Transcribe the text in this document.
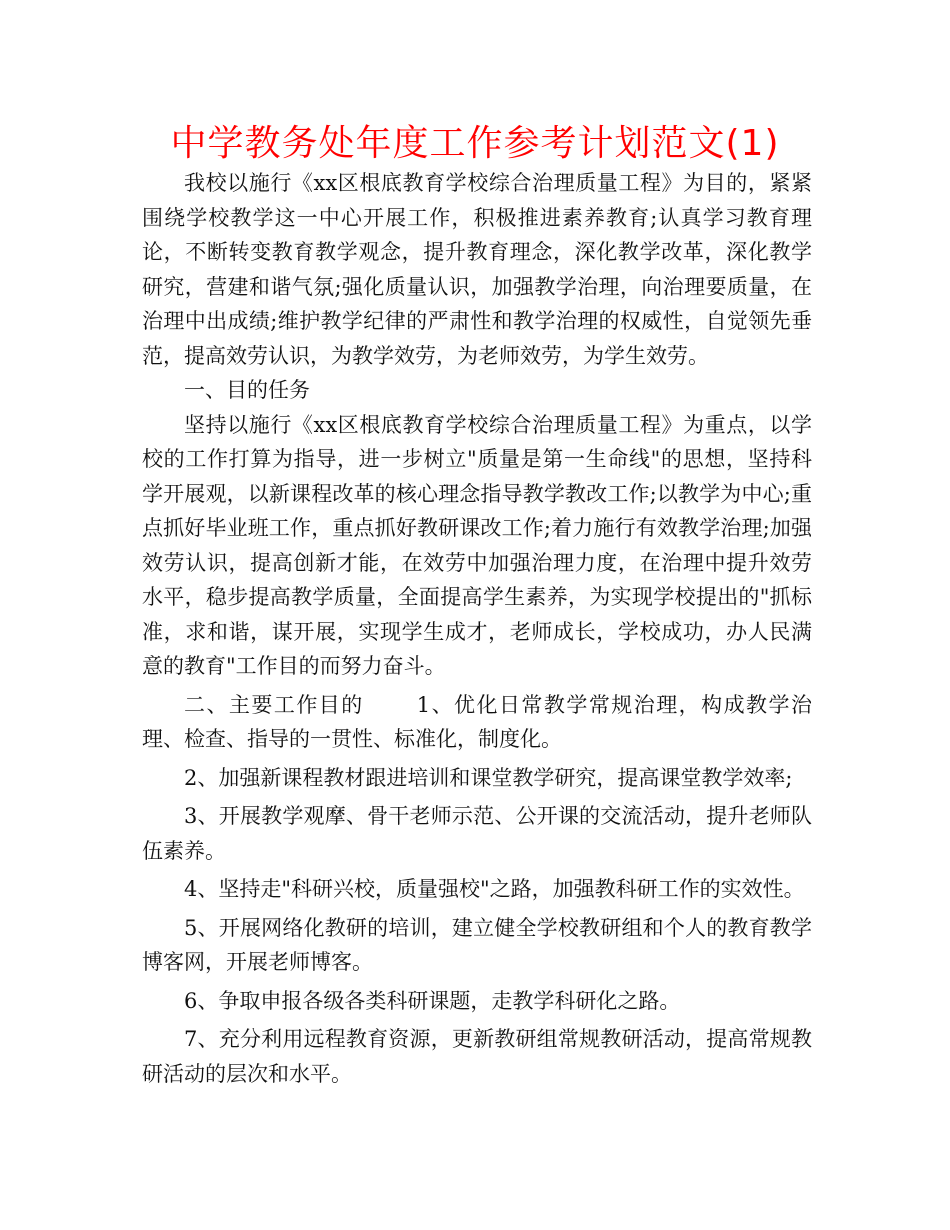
中学教务处年度工作参考计划范文(1)

我校以施行《xx区根底教育学校综合治理质量工程》为目的，紧紧围绕学校教学这一中心开展工作，积极推进素养教育;认真学习教育理论，不断转变教育教学观念，提升教育理念，深化教学改革，深化教学研究，营建和谐气氛;强化质量认识，加强教学治理，向治理要质量，在治理中出成绩;维护教学纪律的严肃性和教学治理的权威性，自觉领先垂范，提高效劳认识，为教学效劳，为老师效劳，为学生效劳。

一、目的任务

坚持以施行《xx区根底教育学校综合治理质量工程》为重点，以学校的工作打算为指导，进一步树立"质量是第一生命线"的思想，坚持科学开展观，以新课程改革的核心理念指导教学教改工作;以教学为中心;重点抓好毕业班工作，重点抓好教研课改工作;着力施行有效教学治理;加强效劳认识，提高创新才能，在效劳中加强治理力度，在治理中提升效劳水平，稳步提高教学质量，全面提高学生素养，为实现学校提出的"抓标准，求和谐，谋开展，实现学生成才，老师成长，学校成功，办人民满意的教育"工作目的而努力奋斗。

二、主要工作目的　　 1、优化日常教学常规治理，构成教学治理、检查、指导的一贯性、标准化，制度化。

2、加强新课程教材跟进培训和课堂教学研究，提高课堂教学效率;

3、开展教学观摩、骨干老师示范、公开课的交流活动，提升老师队伍素养。

4、坚持走"科研兴校，质量强校"之路，加强教科研工作的实效性。

5、开展网络化教研的培训，建立健全学校教研组和个人的教育教学博客网，开展老师博客。

6、争取申报各级各类科研课题，走教学科研化之路。

7、充分利用远程教育资源，更新教研组常规教研活动，提高常规教研活动的层次和水平。
